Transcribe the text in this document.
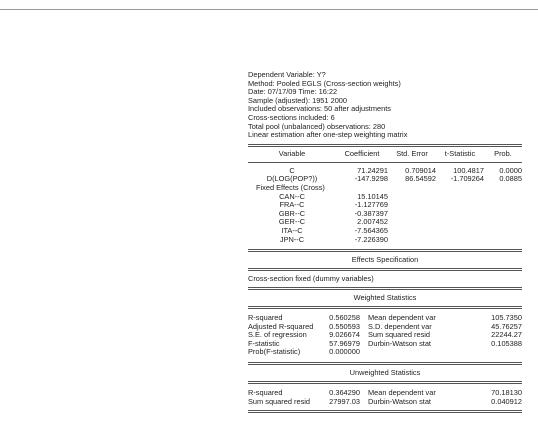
Dependent Variable: Y?
Method: Pooled EGLS (Cross-section weights)
Date: 07/17/09 Time: 16:22
Sample (adjusted): 1951 2000
Included observations: 50 after adjustments
Cross-sections included: 6
Total pool (unbalanced) observations: 280
Linear estimation after one-step weighting matrix
Variable	Coefficient	Std. Error	t-Statistic	Prob.
C	71.24291	0.709014	100.4817	0.0000
D(LOG(POP?))	-147.9298	86.54592	-1.709264	0.0885
Fixed Effects (Cross)
CAN--C	15.10145
FRA--C	-1.127769
GBR--C	-0.387397
GER--C	2.007452
ITA--C	-7.564365
JPN--C	-7.226390
Effects Specification
Cross-section fixed (dummy variables)
Weighted Statistics
R-squared	0.560258	Mean dependent var	105.7350
Adjusted R-squared	0.550593	S.D. dependent var	45.76257
S.E. of regression	9.026674	Sum squared resid	22244.27
F-statistic	57.96979	Durbin-Watson stat	0.105388
Prob(F-statistic)	0.000000
Unweighted Statistics
R-squared	0.364290	Mean dependent var	70.18130
Sum squared resid	27997.03	Durbin-Watson stat	0.040912
